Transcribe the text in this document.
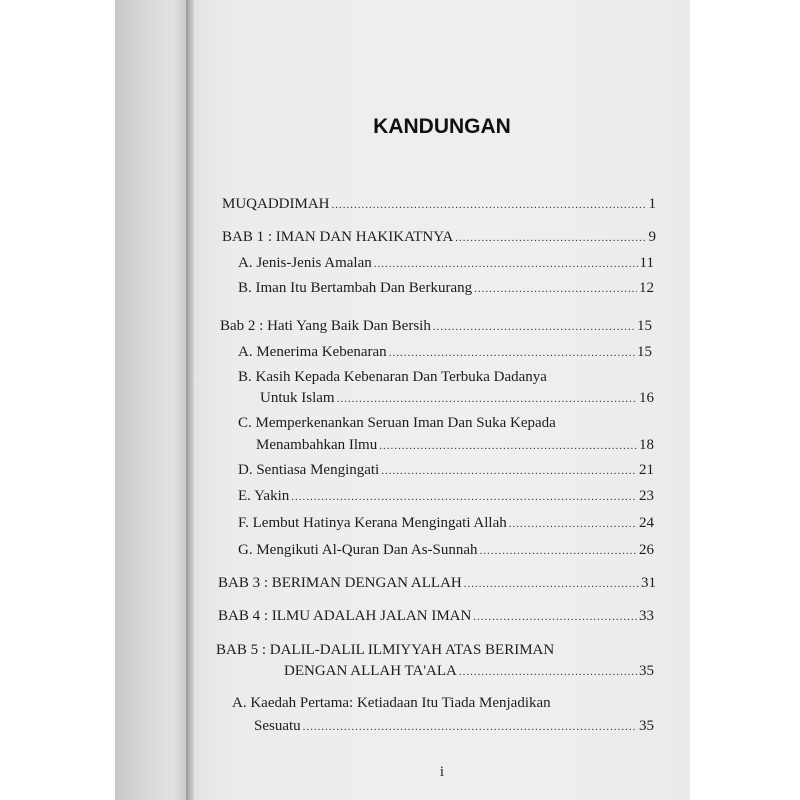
KANDUNGAN
MUQADDIMAH .....	1
BAB 1 : IMAN DAN HAKIKATNYA .....	9
A. Jenis-Jenis Amalan .....	11
B. Iman Itu Bertambah Dan Berkurang .....	12
Bab 2 : Hati Yang Baik Dan Bersih .....	15
A. Menerima Kebenaran .....	15
B. Kasih Kepada Kebenaran Dan Terbuka Dadanya
Untuk Islam .....	16
C. Memperkenankan Seruan Iman Dan Suka Kepada
Menambahkan Ilmu .....	18
D. Sentiasa Mengingati .....	21
E. Yakin .....	23
F. Lembut Hatinya Kerana Mengingati Allah .....	24
G. Mengikuti Al-Quran Dan As-Sunnah .....	26
BAB 3 : BERIMAN DENGAN ALLAH .....	31
BAB 4 : ILMU ADALAH JALAN IMAN .....	33
BAB 5 : DALIL-DALIL ILMIYYAH ATAS BERIMAN
DENGAN ALLAH TA'ALA .....	35
A. Kaedah Pertama: Ketiadaan Itu Tiada Menjadikan
Sesuatu .....	35
i
